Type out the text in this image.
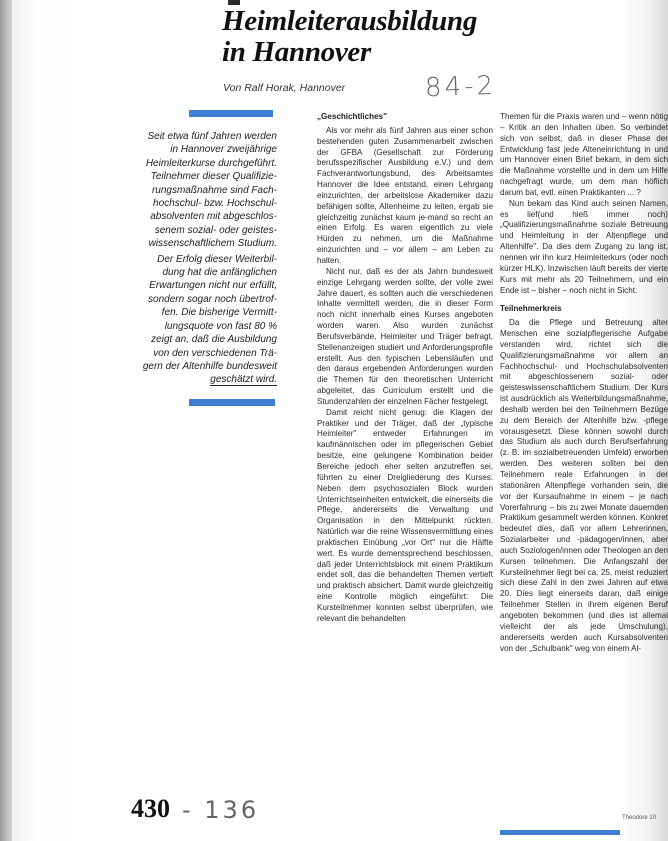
Heimleiterausbildung
in Hannover
Von Ralf Horak, Hannover	84-2

Seit etwa fünf Jahren werden
in Hannover zweijährige
Heimleiterkurse durchgeführt.
Teilnehmer dieser Qualifizie-
rungsmaßnahme sind Fach-
hochschul- bzw. Hochschul-
absolventen mit abgeschlos-
senem sozial- oder geistes-
wissenschaftlichem Studium.

Der Erfolg dieser Weiterbil-
dung hat die anfänglichen
Erwartungen nicht nur erfüllt,
sondern sogar noch übertrof-
fen. Die bisherige Vermitt-
lungsquote von fast 80 %
zeigt an, daß die Ausbildung
von den verschiedenen Trä-
gern der Altenhilfe bundesweit
geschätzt wird.

„Geschichtliches"

Als vor mehr als fünf Jahren aus einer schon bestehenden guten Zusammenarbeit zwischen der GFBA (Gesellschaft zur Förderung berufsspezifischer Ausbildung e.V.) und dem Fachverantwortungsbund, des Arbeitsamtes Hannover die Idee entstand, einen Lehrgang einzurichten, der arbeitslose Akademiker dazu befähigen sollte, Altenheime zu leiten, ergab sie gleichzeitig zunächst kaum je-mand so recht an einen Erfolg. Es waren eigentlich zu viele Hürden zu nehmen, um die Maßnahme einzurichten und – vor allem – am Leben zu halten.

Nicht nur, daß es der als Jahrn bundesweit einzige Lehrgang werden sollte, der volle zwei Jahre dauert, es sollten auch die verschiedenen Inhalte vermittelt werden, die in dieser Form noch nicht innerhalb eines Kurses angeboten worden waren. Also wurden zunächst Berufsverbände, Heimleiter und Träger befragt, Stellenanzeigen studiert und Anforderungsprofile erstellt. Aus den typischen Lebensläufen und den daraus ergebenden Anforderungen wurden die Themen für den theoretischen Unterricht abgeleitet, das Curriculum erstellt und die Stundenzahlen der einzelnen Fächer festgelegt.

Damit reicht nicht genug: die Klagen der Praktiker und der Träger, daß der „typische Heimleiter" entweder Erfahrungen im kaufmännischen oder im pflegerischen Gebiet besitze, eine gelungene Kombination beider Bereiche jedoch eher selten anzutreffen sei, führten zu einer Dreigliederung des Kurses: Neben dem psychosozialen Block wurden Unterrichtseinheiten entwickelt, die einerseits die Pflege, andererseits die Verwaltung und Organisation in den Mittelpunkt rückten. Natürlich war die reine Wissensvermittlung eines praktischen Einübung „vor Ort" nur die Hälfte wert. Es wurde dementsprechend beschlossen, daß jeder Unterrichtsblock mit einem Praktikum endet soll, das die behandelten Themen vertieft und praktisch absichert. Damit wurde gleichzeitig eine Kontrolle möglich eingeführt: Die Kursteilnehmer konnten selbst überprüfen, wie relevant die behandelten

Themen für die Praxis waren und – wenn nötig – Kritik an den Inhalten üben. So verbindet sich von selbst, daß in dieser Phase der Entwicklung fast jede Alteneinrichtung in und um Hannover einen Brief bekam, in dem sich die Maßnahme vorstellte und in dem um Hilfe nachgefragt wurde, um dem man höflich darum bat, evtl. einen Praktikanten ... ?

Nun bekam das Kind auch seinen Namen, es lief(und hieß immer noch) „Qualifizierungsmaßnahme soziale Betreuung und Heimleitung in der Altenpflege und Altenhilfe". Da dies dem Zugang zu lang ist, nennen wir ihn kurz Heimleiterkurs (oder noch kürzer HLK). Inzwischen läuft bereits der vierte Kurs mit mehr als 20 Teilnehmern, und ein Ende ist – bisher – noch nicht in Sicht.

Teilnehmerkreis

Da die Pflege und Betreuung alter Menschen eine sozialpflegerische Aufgabe verstanden wird, richtet sich die Qualifizierungsmaßnahme vor allem an Fachhochschul- und Hochschulabsolventen mit abgeschlossenem sozial- oder geisteswissenschaftlichem Studium. Der Kurs ist ausdrücklich als Weiterbildungsmaßnahme, deshalb werden bei den Teilnehmern Bezüge zu dem Bereich der Altenhilfe bzw. -pflege vorausgesetzt. Diese können sowohl durch das Studium als auch durch Berufserfahrung (z. B. im sozialbetreuenden Umfeld) erworben werden. Des weiteren sollten bei den Teilnehmern reale Erfahrungen in der stationären Altenpflege vorhanden sein, die vor der Kursaufnahme in einem – je nach Vorerfahrung – bis zu zwei Monate dauernden Praktikum gesammelt werden können. Konkret bedeutet dies, daß vor allem Lehrerinnen, Sozialarbeiter und -pädagogen/innen, aber auch Soziologen/innen oder Theologen an den Kursen teilnehmen. Die Anfangszahl der Kursteilnehmer liegt bei ca. 25, meist reduziert sich diese Zahl in den zwei Jahren auf etwa 20. Dies liegt einerseits daran, daß einige Teilnehmer Stellen in ihrem eigenen Beruf angeboten bekommen (und dies ist allemal vielleicht der als jede Umschulung), andererseits werden auch Kursabsolventen von der „Schulbank" weg von einem Al-

430 - 136	Theodore 10
